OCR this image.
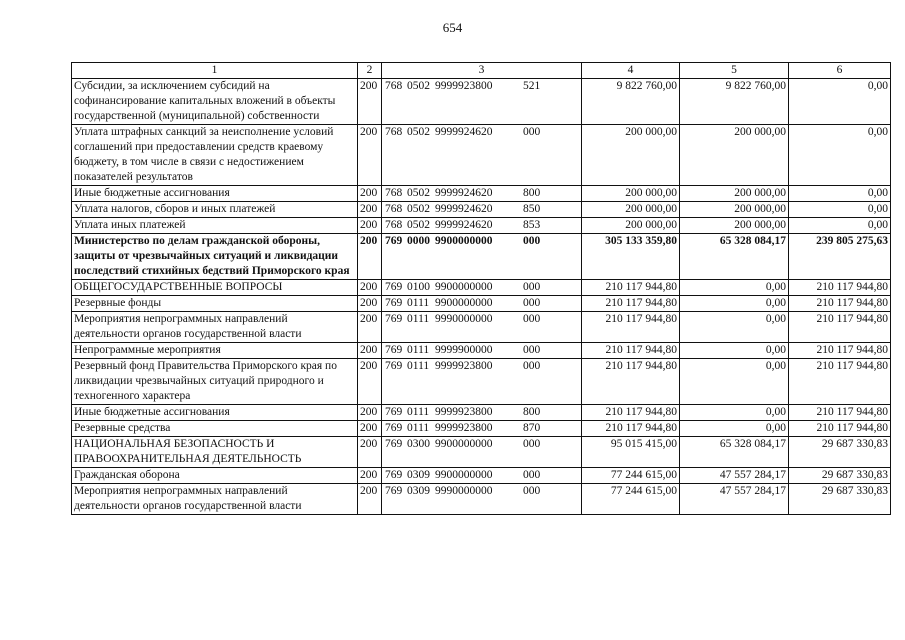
654
1	2	3	4	5	6
Субсидии, за исключением субсидий на софинансирование капитальных вложений в объекты государственной (муниципальной) собственности	200	768 0502 9999923800 521	9 822 760,00	9 822 760,00	0,00
Уплата штрафных санкций за неисполнение условий соглашений при предоставлении средств краевому бюджету, в том числе в связи с недостижением показателей результатов	200	768 0502 9999924620 000	200 000,00	200 000,00	0,00
Иные бюджетные ассигнования	200	768 0502 9999924620 800	200 000,00	200 000,00	0,00
Уплата налогов, сборов и иных платежей	200	768 0502 9999924620 850	200 000,00	200 000,00	0,00
Уплата иных платежей	200	768 0502 9999924620 853	200 000,00	200 000,00	0,00
Министерство по делам гражданской обороны, защиты от чрезвычайных ситуаций и ликвидации последствий стихийных бедствий Приморского края	200	769 0000 9900000000 000	305 133 359,80	65 328 084,17	239 805 275,63
ОБЩЕГОСУДАРСТВЕННЫЕ ВОПРОСЫ	200	769 0100 9900000000 000	210 117 944,80	0,00	210 117 944,80
Резервные фонды	200	769 0111 9900000000 000	210 117 944,80	0,00	210 117 944,80
Мероприятия непрограммных направлений деятельности органов государственной власти	200	769 0111 9990000000 000	210 117 944,80	0,00	210 117 944,80
Непрограммные мероприятия	200	769 0111 9999900000 000	210 117 944,80	0,00	210 117 944,80
Резервный фонд Правительства Приморского края по ликвидации чрезвычайных ситуаций природного и техногенного характера	200	769 0111 9999923800 000	210 117 944,80	0,00	210 117 944,80
Иные бюджетные ассигнования	200	769 0111 9999923800 800	210 117 944,80	0,00	210 117 944,80
Резервные средства	200	769 0111 9999923800 870	210 117 944,80	0,00	210 117 944,80
НАЦИОНАЛЬНАЯ БЕЗОПАСНОСТЬ И ПРАВООХРАНИТЕЛЬНАЯ ДЕЯТЕЛЬНОСТЬ	200	769 0300 9900000000 000	95 015 415,00	65 328 084,17	29 687 330,83
Гражданская оборона	200	769 0309 9900000000 000	77 244 615,00	47 557 284,17	29 687 330,83
Мероприятия непрограммных направлений деятельности органов государственной власти	200	769 0309 9990000000 000	77 244 615,00	47 557 284,17	29 687 330,83
